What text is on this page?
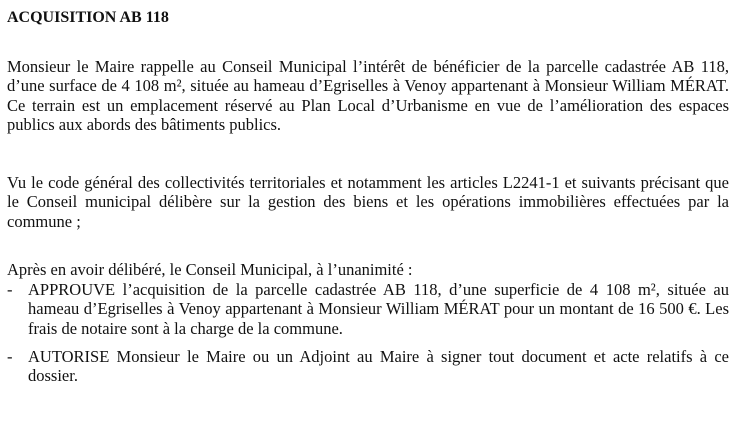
ACQUISITION AB 118

Monsieur le Maire rappelle au Conseil Municipal l’intérêt de bénéficier de la parcelle cadastrée AB 118, d’une surface de 4 108 m², située au hameau d’Egriselles à Venoy appartenant à Monsieur William MÉRAT. Ce terrain est un emplacement réservé au Plan Local d’Urbanisme en vue de l’amélioration des espaces publics aux abords des bâtiments publics.

Vu le code général des collectivités territoriales et notamment les articles L2241-1 et suivants précisant que le Conseil municipal délibère sur la gestion des biens et les opérations immobilières effectuées par la commune ;

Après en avoir délibéré, le Conseil Municipal, à l’unanimité :

- APPROUVE l’acquisition de la parcelle cadastrée AB 118, d’une superficie de 4 108 m², située au hameau d’Egriselles à Venoy appartenant à Monsieur William MÉRAT pour un montant de 16 500 €. Les frais de notaire sont à la charge de la commune.
- AUTORISE Monsieur le Maire ou un Adjoint au Maire à signer tout document et acte relatifs à ce dossier.
